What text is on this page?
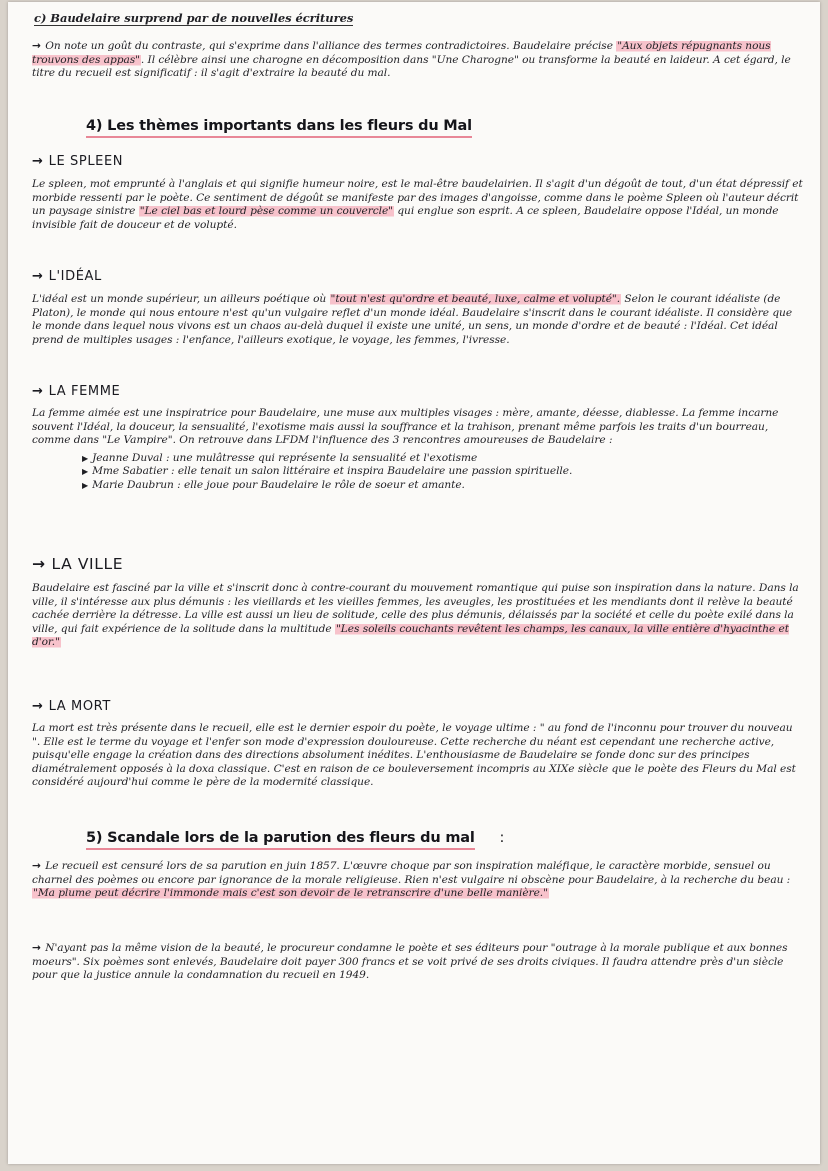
c) Baudelaire surprend par de nouvelles écritures

→ On note un goût du contraste, qui s'exprime dans l'alliance des termes contradictoires. Baudelaire précise "Aux objets répugnants nous trouvons des appas". Il célèbre ainsi une charogne en décomposition dans "Une Charogne" ou transforme la beauté en laideur. A cet égard, le titre du recueil est significatif : il s'agit d'extraire la beauté du mal.

4) Les thèmes importants dans les fleurs du Mal
→ LE SPLEEN

Le spleen, mot emprunté à l'anglais et qui signifie humeur noire, est le mal-être baudelairien. Il s'agit d'un dégoût de tout, d'un état dépressif et morbide ressenti par le poète. Ce sentiment de dégoût se manifeste par des images d'angoisse, comme dans le poème Spleen où l'auteur décrit un paysage sinistre "Le ciel bas et lourd pèse comme un couvercle" qui englue son esprit. A ce spleen, Baudelaire oppose l'Idéal, un monde invisible fait de douceur et de volupté.

→ L'IDÉAL

L'idéal est un monde supérieur, un ailleurs poétique où "tout n'est qu'ordre et beauté, luxe, calme et volupté". Selon le courant idéaliste (de Platon), le monde qui nous entoure n'est qu'un vulgaire reflet d'un monde idéal. Baudelaire s'inscrit dans le courant idéaliste. Il considère que le monde dans lequel nous vivons est un chaos au-delà duquel il existe une unité, un sens, un monde d'ordre et de beauté : l'Idéal. Cet idéal prend de multiples usages : l'enfance, l'ailleurs exotique, le voyage, les femmes, l'ivresse.

→ LA FEMME

La femme aimée est une inspiratrice pour Baudelaire, une muse aux multiples visages : mère, amante, déesse, diablesse. La femme incarne souvent l'Idéal, la douceur, la sensualité, l'exotisme mais aussi la souffrance et la trahison, prenant même parfois les traits d'un bourreau, comme dans "Le Vampire". On retrouve dans LFDM l'influence des 3 rencontres amoureuses de Baudelaire :

▶ Jeanne Duval : une mulâtresse qui représente la sensualité et l'exotisme
▶ Mme Sabatier : elle tenait un salon littéraire et inspira Baudelaire une passion spirituelle.
▶ Marie Daubrun : elle joue pour Baudelaire le rôle de soeur et amante.
→ LA VILLE

Baudelaire est fasciné par la ville et s'inscrit donc à contre-courant du mouvement romantique qui puise son inspiration dans la nature. Dans la ville, il s'intéresse aux plus démunis : les vieillards et les vieilles femmes, les aveugles, les prostituées et les mendiants dont il relève la beauté cachée derrière la détresse. La ville est aussi un lieu de solitude, celle des plus démunis, délaissés par la société et celle du poète exilé dans la ville, qui fait expérience de la solitude dans la multitude "Les soleils couchants revêtent les champs, les canaux, la ville entière d'hyacinthe et d'or."

→ LA MORT

La mort est très présente dans le recueil, elle est le dernier espoir du poète, le voyage ultime : " au fond de l'inconnu pour trouver du nouveau ". Elle est le terme du voyage et l'enfer son mode d'expression douloureuse. Cette recherche du néant est cependant une recherche active, puisqu'elle engage la création dans des directions absolument inédites. L'enthousiasme de Baudelaire se fonde donc sur des principes diamétralement opposés à la doxa classique. C'est en raison de ce bouleversement incompris au XIXe siècle que le poète des Fleurs du Mal est considéré aujourd'hui comme le père de la modernité classique.

5) Scandale lors de la parution des fleurs du mal :

→ Le recueil est censuré lors de sa parution en juin 1857. L'œuvre choque par son inspiration maléfique, le caractère morbide, sensuel ou charnel des poèmes ou encore par ignorance de la morale religieuse. Rien n'est vulgaire ni obscène pour Baudelaire, à la recherche du beau : "Ma plume peut décrire l'immonde mais c'est son devoir de le retranscrire d'une belle manière."

→ N'ayant pas la même vision de la beauté, le procureur condamne le poète et ses éditeurs pour "outrage à la morale publique et aux bonnes moeurs". Six poèmes sont enlevés, Baudelaire doit payer 300 francs et se voit privé de ses droits civiques. Il faudra attendre près d'un siècle pour que la justice annule la condamnation du recueil en 1949.
